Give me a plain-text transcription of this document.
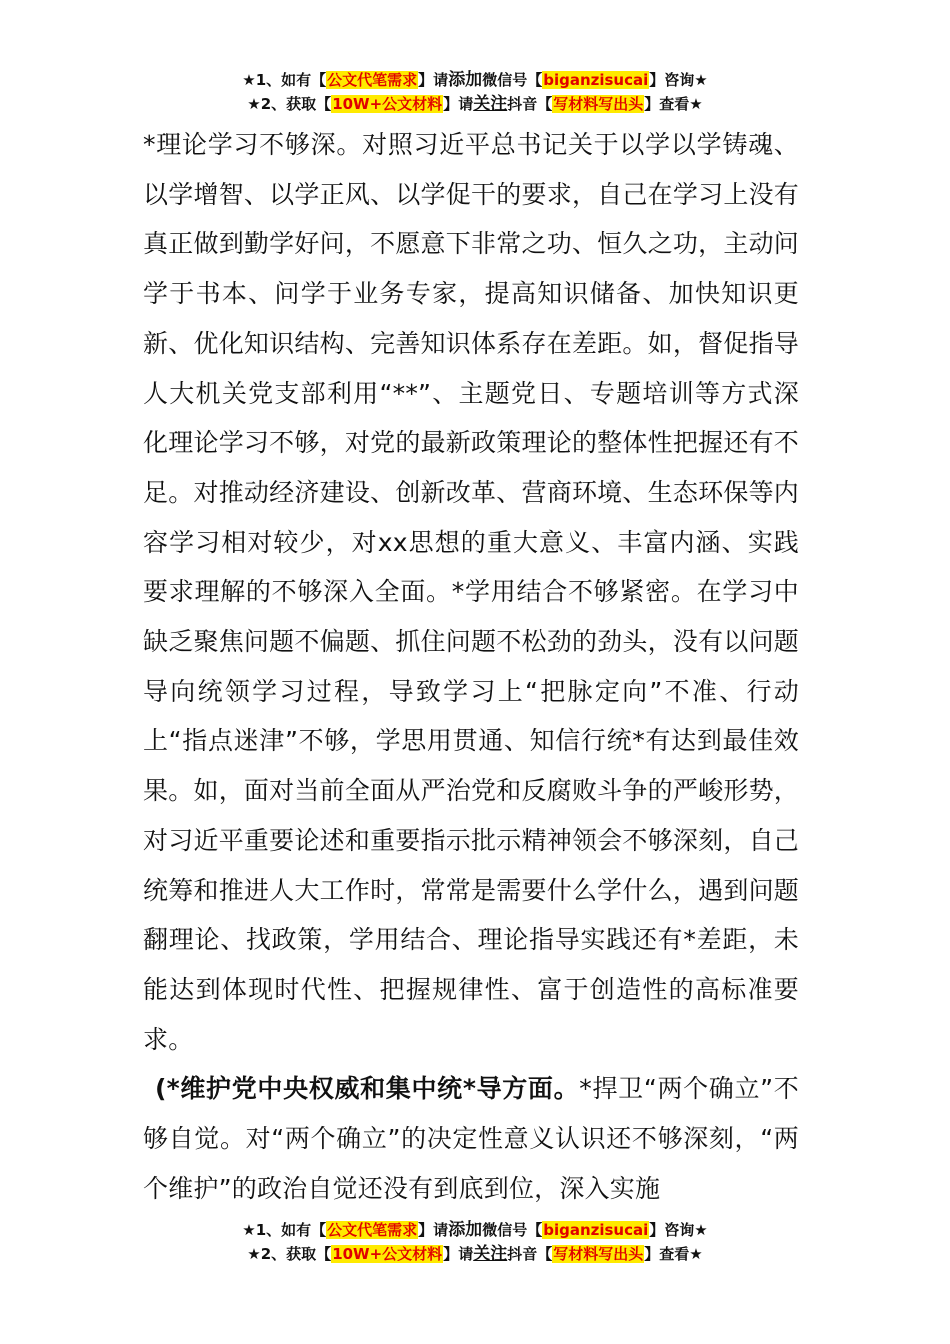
★1、如有【公文代笔需求】请添加微信号【biganzisucai】咨询★
★2、获取【10W+公文材料】请关注抖音【写材料写出头】查看★

*理论学习不够深。对照习近平总书记关于以学以学铸魂、以学增智、以学正风、以学促干的要求，自己在学习上没有真正做到勤学好问，不愿意下非常之功、恒久之功，主动问学于书本、问学于业务专家，提高知识储备、加快知识更新、优化知识结构、完善知识体系存在差距。如，督促指导人大机关党支部利用“**”、主题党日、专题培训等方式深化理论学习不够，对党的最新政策理论的整体性把握还有不足。对推动经济建设、创新改革、营商环境、生态环保等内容学习相对较少，对xx思想的重大意义、丰富内涵、实践要求理解的不够深入全面。*学用结合不够紧密。在学习中缺乏聚焦问题不偏题、抓住问题不松劲的劲头，没有以问题导向统领学习过程，导致学习上“把脉定向”不准、行动上“指点迷津”不够，学思用贯通、知信行统*有达到最佳效果。如，面对当前全面从严治党和反腐败斗争的严峻形势，对习近平重要论述和重要指示批示精神领会不够深刻，自己统筹和推进人大工作时，常常是需要什么学什么，遇到问题翻理论、找政策，学用结合、理论指导实践还有*差距，未能达到体现时代性、把握规律性、富于创造性的高标准要求。

(*维护党中央权威和集中统*导方面。*捍卫“两个确立”不够自觉。对“两个确立”的决定性意义认识还不够深刻，“两个维护”的政治自觉还没有到底到位，深入实施

★1、如有【公文代笔需求】请添加微信号【biganzisucai】咨询★
★2、获取【10W+公文材料】请关注抖音【写材料写出头】查看★
